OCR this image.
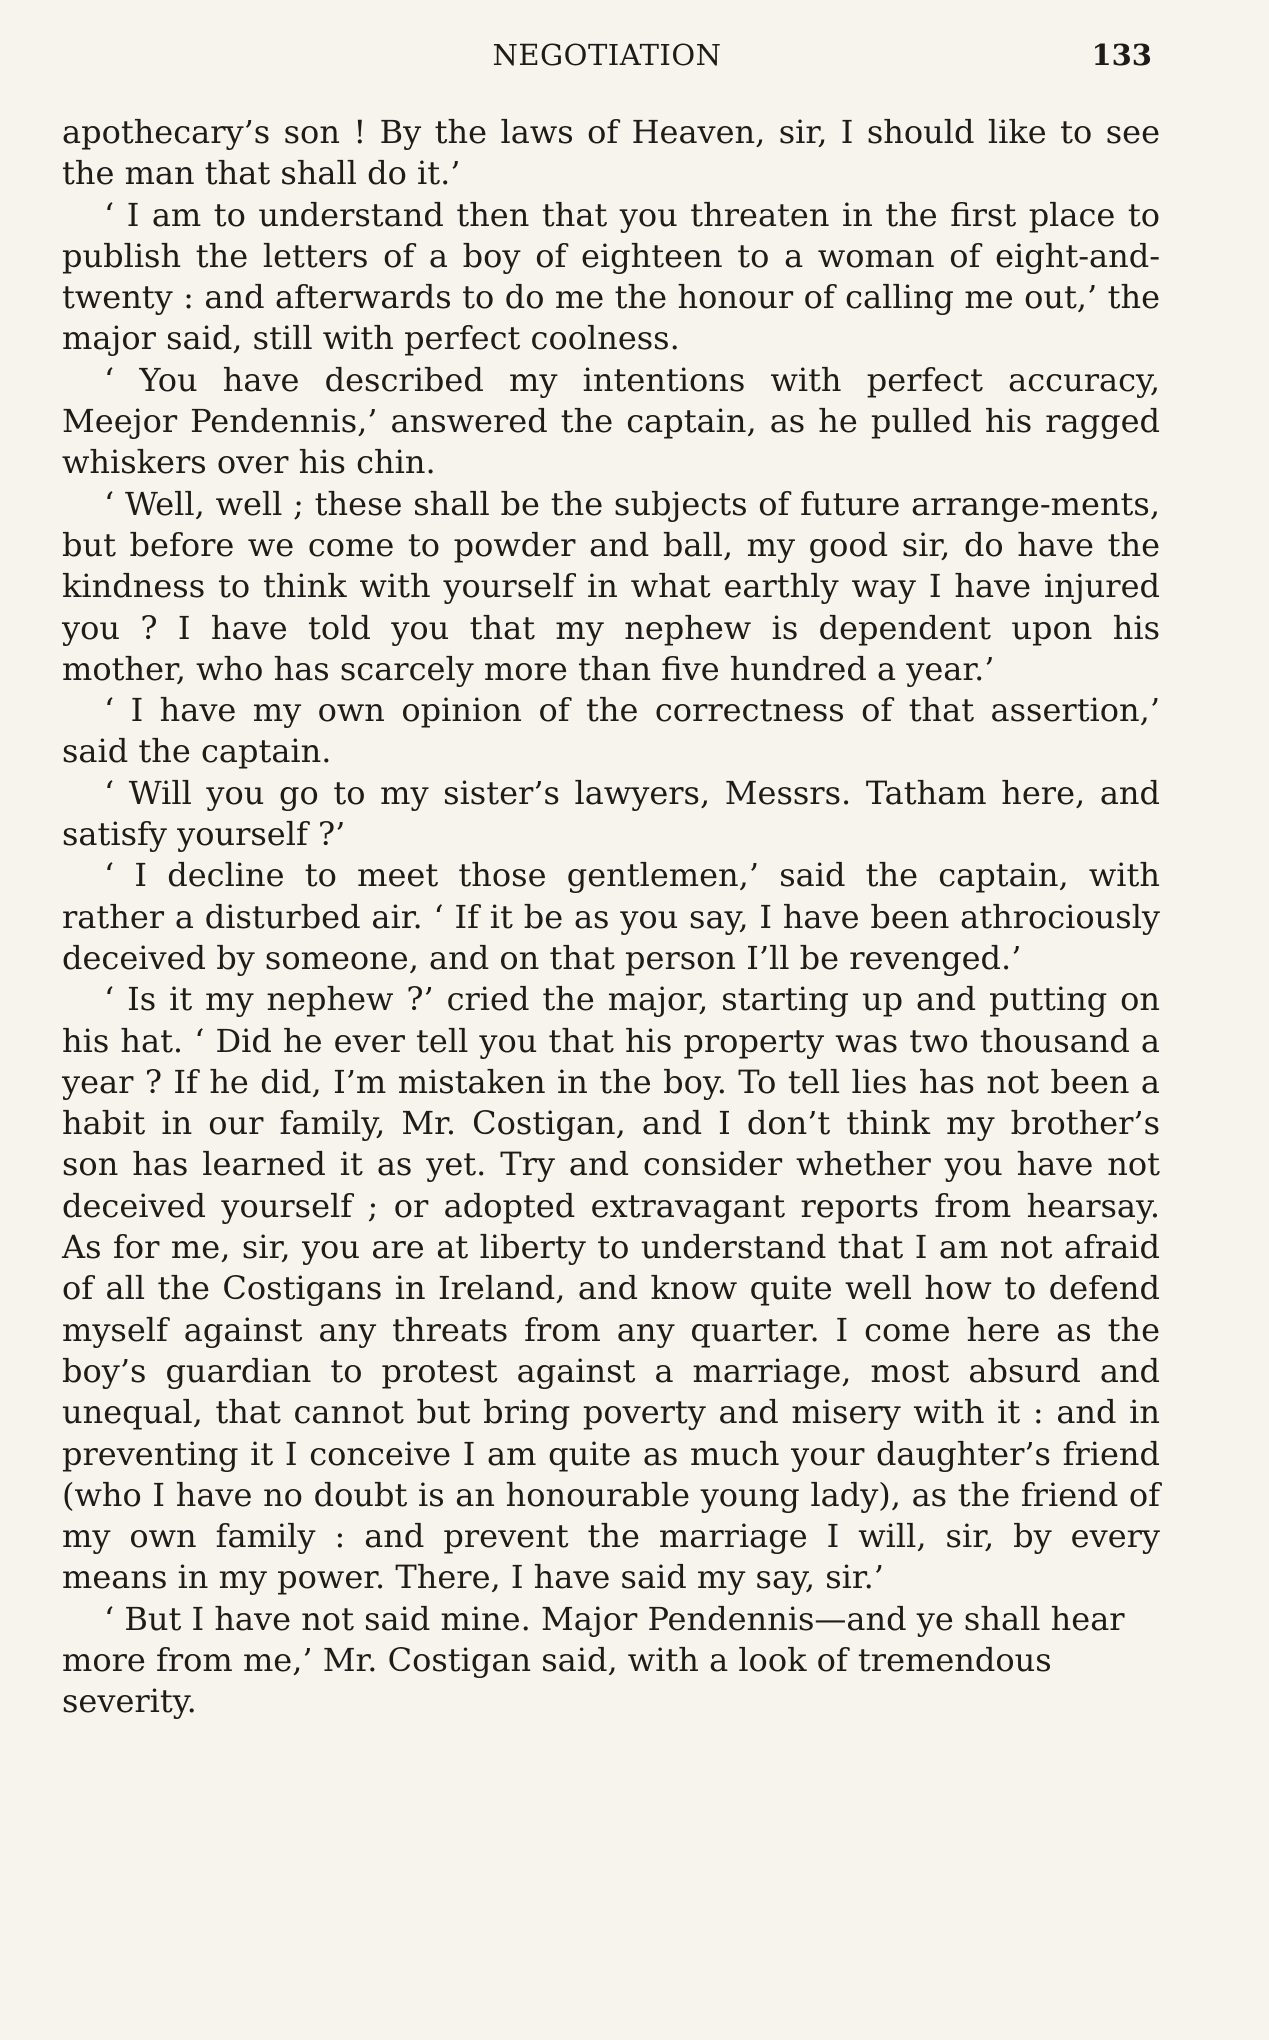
NEGOTIATION	133

apothecary’s son ! By the laws of Heaven, sir, I should like to see the man that shall do it.’

‘ I am to understand then that you threaten in the first place to publish the letters of a boy of eighteen to a woman of eight-and-twenty : and afterwards to do me the honour of calling me out,’ the major said, still with perfect coolness.

‘ You have described my intentions with perfect accuracy, Meejor Pendennis,’ answered the captain, as he pulled his ragged whiskers over his chin.

‘ Well, well ; these shall be the subjects of future arrange-ments, but before we come to powder and ball, my good sir, do have the kindness to think with yourself in what earthly way I have injured you ? I have told you that my nephew is dependent upon his mother, who has scarcely more than five hundred a year.’

‘ I have my own opinion of the correctness of that assertion,’ said the captain.

‘ Will you go to my sister’s lawyers, Messrs. Tatham here, and satisfy yourself ?’

‘ I decline to meet those gentlemen,’ said the captain, with rather a disturbed air. ‘ If it be as you say, I have been athrociously deceived by someone, and on that person I’ll be revenged.’

‘ Is it my nephew ?’ cried the major, starting up and putting on his hat. ‘ Did he ever tell you that his property was two thousand a year ? If he did, I’m mistaken in the boy. To tell lies has not been a habit in our family, Mr. Costigan, and I don’t think my brother’s son has learned it as yet. Try and consider whether you have not deceived yourself ; or adopted extravagant reports from hearsay. As for me, sir, you are at liberty to understand that I am not afraid of all the Costigans in Ireland, and know quite well how to defend myself against any threats from any quarter. I come here as the boy’s guardian to protest against a marriage, most absurd and unequal, that cannot but bring poverty and misery with it : and in preventing it I conceive I am quite as much your daughter’s friend (who I have no doubt is an honourable young lady), as the friend of my own family : and prevent the marriage I will, sir, by every means in my power. There, I have said my say, sir.’

‘ But I have not said mine. Major Pendennis—and ye shall hear more from me,’ Mr. Costigan said, with a look of tremendous severity.
